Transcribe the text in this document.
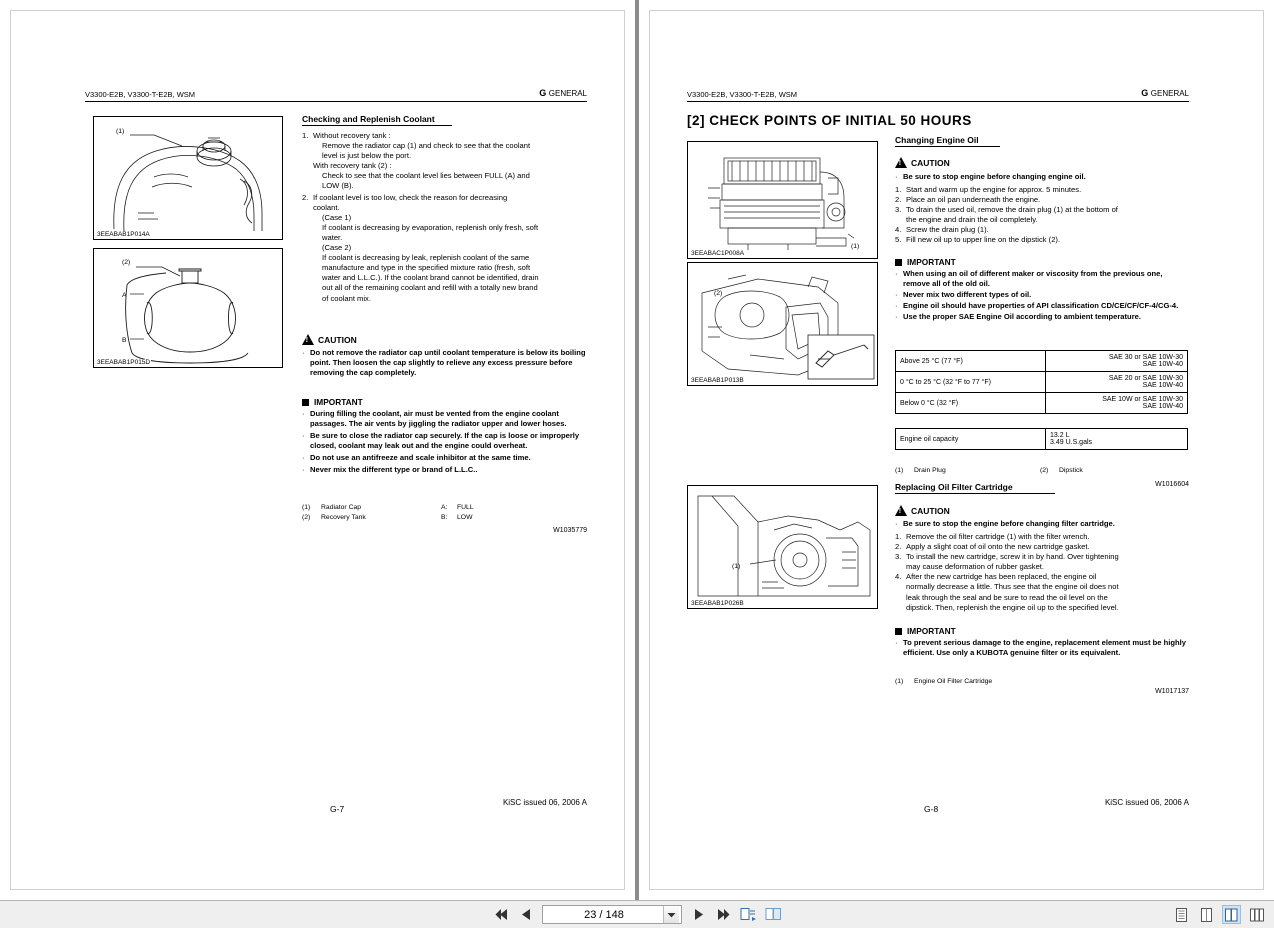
V3300-E2B, V3300-T-E2B, WSM	G GENERAL
(1)
3EEABAB1P014A
(2)
A
B
3EEABAB1P015D
Checking and Replenish Coolant
1. Without recovery tank :
Remove the radiator cap (1) and check to see that the coolant
level is just below the port.
With recovery tank (2) :
Check to see that the coolant level lies between FULL (A) and
LOW (B).
2. If coolant level is too low, check the reason for decreasing
coolant.
(Case 1)
If coolant is decreasing by evaporation, replenish only fresh, soft
water.
(Case 2)
If coolant is decreasing by leak, replenish coolant of the same
manufacture and type in the specified mixture ratio (fresh, soft
water and L.L.C.). If the coolant brand cannot be identified, drain
out all of the remaining coolant and refill with a totally new brand
of coolant mix.
!
CAUTION
· Do not remove the radiator cap until coolant temperature is below its boiling point. Then loosen the cap slightly to relieve any excess pressure before removing the cap completely.
IMPORTANT
· During filling the coolant, air must be vented from the engine coolant passages. The air vents by jiggling the radiator upper and lower hoses.
· Be sure to close the radiator cap securely. If the cap is loose or improperly closed, coolant may leak out and the engine could overheat.
· Do not use an antifreeze and scale inhibitor at the same time.
· Never mix the different type or brand of L.L.C..
(1)	Radiator Cap	A:	FULL
(2)	Recovery Tank	B:	LOW
W1035779
G-7
KiSC issued 06, 2006 A
V3300-E2B, V3300-T-E2B, WSM	G GENERAL
[2] CHECK POINTS OF INITIAL 50 HOURS
(1)
3EEABAC1P008A
(2)
3EEABAB1P013B
(1)
3EEABAB1P026B
Changing Engine Oil
!
CAUTION
· Be sure to stop engine before changing engine oil.
1. Start and warm up the engine for approx. 5 minutes.
2. Place an oil pan underneath the engine.
3. To drain the used oil, remove the drain plug (1) at the bottom of
the engine and drain the oil completely.
4. Screw the drain plug (1).
5. Fill new oil up to upper line on the dipstick (2).
IMPORTANT
· When using an oil of different maker or viscosity from the previous one, remove all of the old oil.
· Never mix two different types of oil.
· Engine oil should have properties of API classification CD/CE/CF/CF-4/CG-4.
· Use the proper SAE Engine Oil according to ambient temperature.
Above 25 °C (77 °F)	SAE 30 or SAE 10W-30
SAE 10W-40

0 °C to 25 °C (32 °F to 77 °F)	SAE 20 or SAE 10W-30
SAE 10W-40

Below 0 °C (32 °F)	SAE 10W or SAE 10W-30
SAE 10W-40
Engine oil capacity	13.2 L
3.49 U.S.gals
(1)	Drain Plug	(2)	Dipstick
W1016604
Replacing Oil Filter Cartridge
!
CAUTION
· Be sure to stop the engine before changing filter cartridge.
1. Remove the oil filter cartridge (1) with the filter wrench.
2. Apply a slight coat of oil onto the new cartridge gasket.
3. To install the new cartridge, screw it in by hand. Over tightening
may cause deformation of rubber gasket.
4. After the new cartridge has been replaced, the engine oil
normally decrease a little. Thus see that the engine oil does not
leak through the seal and be sure to read the oil level on the
dipstick. Then, replenish the engine oil up to the specified level.
IMPORTANT
· To prevent serious damage to the engine, replacement element must be highly efficient. Use only a KUBOTA genuine filter or its equivalent.
(1)	Engine Oil Filter Cartridge
W1017137
G-8
KiSC issued 06, 2006 A
23 / 148
